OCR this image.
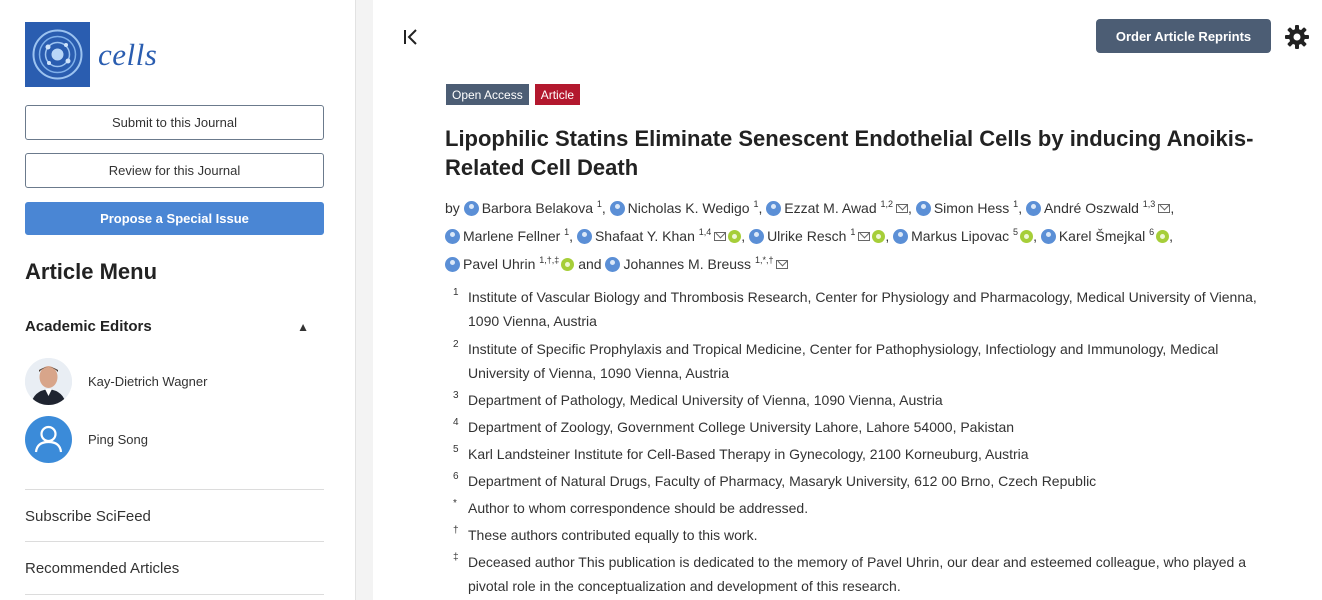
cells
Submit to this Journal
Review for this Journal
Propose a Special Issue
Article Menu
Academic Editors	▲
Kay-Dietrich Wagner
Ping Song
Subscribe SciFeed
Recommended Articles
Order Article Reprints
Open Access	Article
Lipophilic Statins Eliminate Senescent Endothelial Cells by inducing Anoikis-Related Cell Death
by Barbora Belakova $^1$, Nicholas K. Wedigo $^1$, Ezzat M. Awad $^{1,2}$ , Simon Hess $^1$, André Oszwald $^{1,3}$ , Marlene Fellner $^1$, Shafaat Y. Khan $^{1,4}$ , Ulrike Resch $^1$ , Markus Lipovac $^5$ , Karel Šmejkal $^6$ , Pavel Uhrin $^{1,\dagger,\ddagger}$ and Johannes M. Breuss $^{1,*,\dagger}$
1 Institute of Vascular Biology and Thrombosis Research, Center for Physiology and Pharmacology, Medical University of Vienna, 1090 Vienna, Austria
2 Institute of Specific Prophylaxis and Tropical Medicine, Center for Pathophysiology, Infectiology and Immunology, Medical University of Vienna, 1090 Vienna, Austria
3 Department of Pathology, Medical University of Vienna, 1090 Vienna, Austria
4 Department of Zoology, Government College University Lahore, Lahore 54000, Pakistan
5 Karl Landsteiner Institute for Cell-Based Therapy in Gynecology, 2100 Korneuburg, Austria
6 Department of Natural Drugs, Faculty of Pharmacy, Masaryk University, 612 00 Brno, Czech Republic
* Author to whom correspondence should be addressed.
† These authors contributed equally to this work.
‡ Deceased author This publication is dedicated to the memory of Pavel Uhrin, our dear and esteemed colleague, who played a pivotal role in the conceptualization and development of this research.
